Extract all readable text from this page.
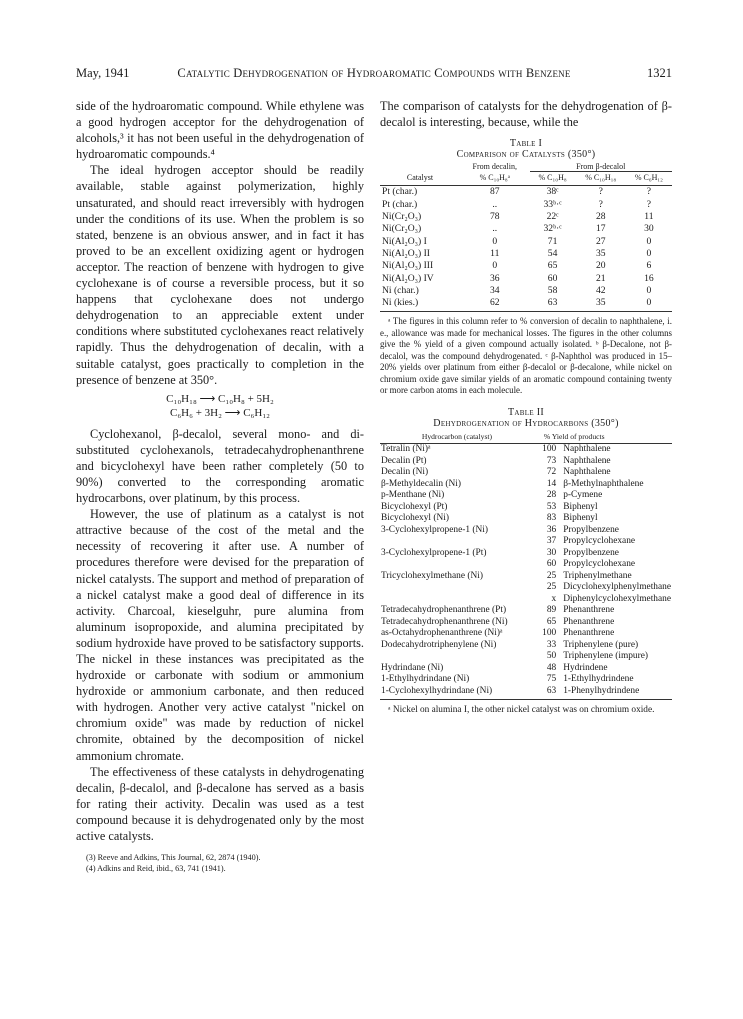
May, 1941	Catalytic Dehydrogenation of Hydroaromatic Compounds with Benzene	1321

side of the hydroaromatic compound. While ethylene was a good hydrogen acceptor for the dehydrogenation of alcohols,³ it has not been useful in the dehydrogenation of hydroaromatic compounds.⁴

The ideal hydrogen acceptor should be readily available, stable against polymerization, highly unsaturated, and should react irreversibly with hydrogen under the conditions of its use. When the problem is so stated, benzene is an obvious answer, and in fact it has proved to be an excellent oxidizing agent or hydrogen acceptor. The reaction of benzene with hydrogen to give cyclohexane is of course a reversible process, but it so happens that cyclohexane does not undergo dehydrogenation to an appreciable extent under conditions where substituted cyclohexanes react relatively rapidly. Thus the dehydrogenation of decalin, with a suitable catalyst, goes practically to completion in the presence of benzene at 350°.

C₁₀H₁₈ ⟶ C₁₀H₈ + 5H₂
C₆H₆ + 3H₂ ⟶ C₆H₁₂

Cyclohexanol, β-decalol, several mono- and di-substituted cyclohexanols, tetradecahydrophenanthrene and bicyclohexyl have been rather completely (50 to 90%) converted to the corresponding aromatic hydrocarbons, over platinum, by this process.

However, the use of platinum as a catalyst is not attractive because of the cost of the metal and the necessity of recovering it after use. A number of procedures therefore were devised for the preparation of nickel catalysts. The support and method of preparation of a nickel catalyst make a good deal of difference in its activity. Charcoal, kieselguhr, pure alumina from aluminum isopropoxide, and alumina precipitated by sodium hydroxide have proved to be satisfactory supports. The nickel in these instances was precipitated as the hydroxide or carbonate with sodium or ammonium hydroxide or ammonium carbonate, and then reduced with hydrogen. Another very active catalyst "nickel on chromium oxide" was made by reduction of nickel chromite, obtained by the decomposition of nickel ammonium chromate.

The effectiveness of these catalysts in dehydrogenating decalin, β-decalol, and β-decalone has served as a basis for rating their activity. Decalin was used as a test compound because it is dehydrogenated only by the most active catalysts.

(3) Reeve and Adkins, This Journal, 62, 2874 (1940).
(4) Adkins and Reid, ibid., 63, 741 (1941).

The comparison of catalysts for the dehydrogenation of β-decalol is interesting, because, while the

Table I

Comparison of Catalysts (350°)

	From decalin,	From β-decalol		
Catalyst	% C₁₀H₈ᵃ	% C₁₀H₈	% C₁₀H₁₈	% C₆H₁₂
Pt (char.)	87	38ᶜ	?	?
Pt (char.)	..	33ᵇ·ᶜ	?	?
Ni(Cr₂O₃)	78	22ᶜ	28	11
Ni(Cr₂O₃)	..	32ᵇ·ᶜ	17	30
Ni(Al₂O₃) I	0	71	27	0
Ni(Al₂O₃) II	11	54	35	0
Ni(Al₂O₃) III	0	65	20	6
Ni(Al₂O₃) IV	36	60	21	16
Ni (char.)	34	58	42	0
Ni (kies.)	62	63	35	0

ᵃ The figures in this column refer to % conversion of decalin to naphthalene, i. e., allowance was made for mechanical losses. The figures in the other columns give the % yield of a given compound actually isolated. ᵇ β-Decalone, not β-decalol, was the compound dehydrogenated. ᶜ β-Naphthol was produced in 15–20% yields over platinum from either β-decalol or β-decalone, while nickel on chromium oxide gave similar yields of an aromatic compound containing twenty or more carbon atoms in each molecule.

Table II

Dehydrogenation of Hydrocarbons (350°)

Hydrocarbon (catalyst)	% Yield of products	
Tetralin (Ni)ᵃ	100	Naphthalene
Decalin (Pt)	73	Naphthalene
Decalin (Ni)	72	Naphthalene
β-Methyldecalin (Ni)	14	β-Methylnaphthalene
p-Menthane (Ni)	28	p-Cymene
Bicyclohexyl (Pt)	53	Biphenyl
Bicyclohexyl (Ni)	83	Biphenyl
3-Cyclohexylpropene-1 (Ni)	36	Propylbenzene
	37	Propylcyclohexane
3-Cyclohexylpropene-1 (Pt)	30	Propylbenzene
	60	Propylcyclohexane
Tricyclohexylmethane (Ni)	25	Triphenylmethane
	25	Dicyclohexylphenylmethane
	x	Diphenylcyclohexylmethane
Tetradecahydrophenanthrene (Pt)	89	Phenanthrene
Tetradecahydrophenanthrene (Ni)	65	Phenanthrene
as-Octahydrophenanthrene (Ni)ᵃ	100	Phenanthrene
Dodecahydrotriphenylene (Ni)	33	Triphenylene (pure)
	50	Triphenylene (impure)
Hydrindane (Ni)	48	Hydrindene
1-Ethylhydrindane (Ni)	75	1-Ethylhydrindene
1-Cyclohexylhydrindane (Ni)	63	1-Phenylhydrindene

ᵃ Nickel on alumina I, the other nickel catalyst was on chromium oxide.
